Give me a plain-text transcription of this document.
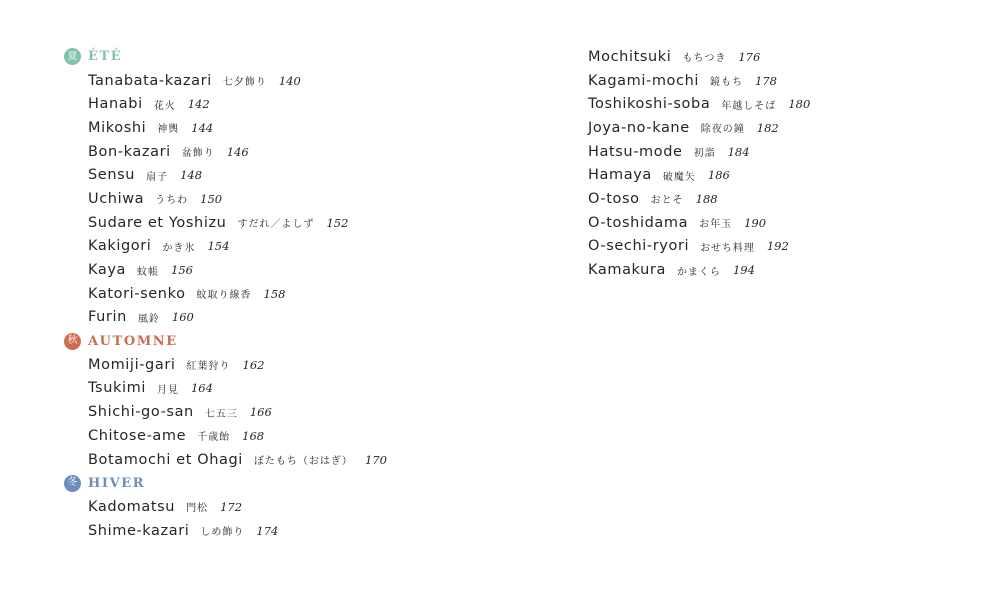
夏 ÉTÉ
Tanabata-kazari 七夕飾り 140
Hanabi 花火 142
Mikoshi 神輿 144
Bon-kazari 盆飾り 146
Sensu 扇子 148
Uchiwa うちわ 150
Sudare et Yoshizu すだれ／よしず 152
Kakigori かき氷 154
Kaya 蚊帳 156
Katori-senko 蚊取り線香 158
Furin 風鈴 160
秋 AUTOMNE
Momiji-gari 紅葉狩り 162
Tsukimi 月見 164
Shichi-go-san 七五三 166
Chitose-ame 千歳飴 168
Botamochi et Ohagi ぼたもち（おはぎ） 170
冬 HIVER
Kadomatsu 門松 172
Shime-kazari しめ飾り 174
Mochitsuki もちつき 176
Kagami-mochi 鏡もち 178
Toshikoshi-soba 年越しそば 180
Joya-no-kane 除夜の鐘 182
Hatsu-mode 初詣 184
Hamaya 破魔矢 186
O-toso おとそ 188
O-toshidama お年玉 190
O-sechi-ryori おせち料理 192
Kamakura かまくら 194
